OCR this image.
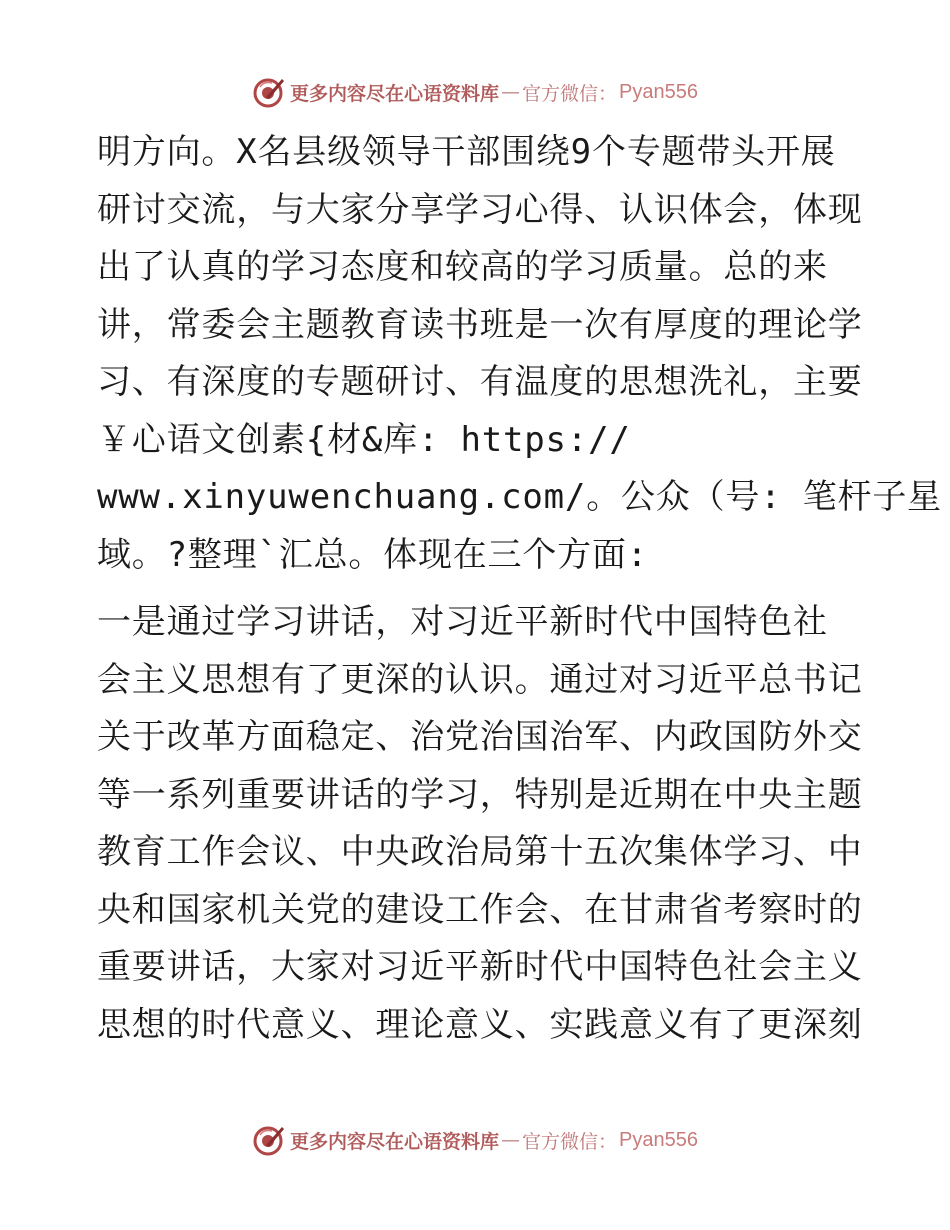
更多内容尽在心语资料库 — 官方微信： Pyan556
明方向。X名县级领导干部围绕9个专题带头开展
研讨交流，与大家分享学习心得、认识体会，体现
出了认真的学习态度和较高的学习质量。总的来
讲，常委会主题教育读书班是一次有厚度的理论学
习、有深度的专题研讨、有温度的思想洗礼，主要
￥心语文创素{材&库: https://
www.xinyuwenchuang.com/。公众（号: 笔杆子星
域。?整理`汇总。体现在三个方面:
一是通过学习讲话，对习近平新时代中国特色社
会主义思想有了更深的认识。通过对习近平总书记
关于改革方面稳定、治党治国治军、内政国防外交
等一系列重要讲话的学习，特别是近期在中央主题
教育工作会议、中央政治局第十五次集体学习、中
央和国家机关党的建设工作会、在甘肃省考察时的
重要讲话，大家对习近平新时代中国特色社会主义
思想的时代意义、理论意义、实践意义有了更深刻
更多内容尽在心语资料库 — 官方微信： Pyan556
